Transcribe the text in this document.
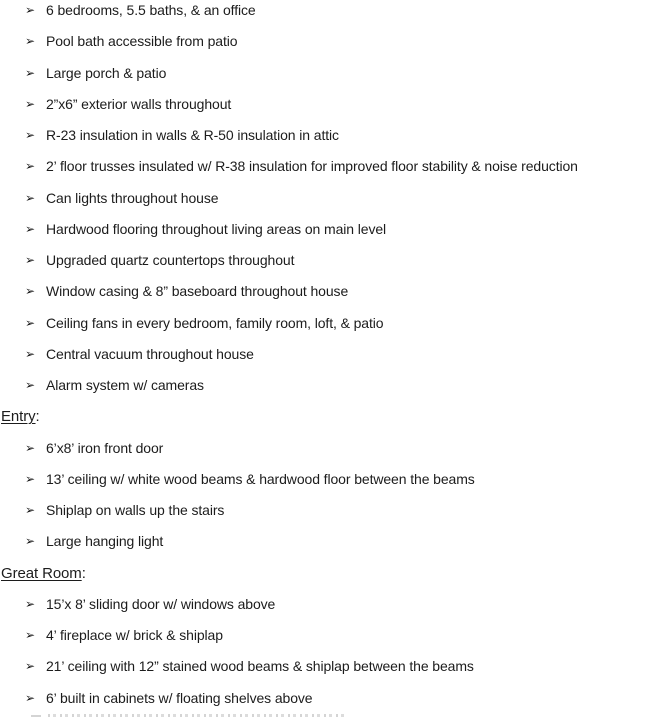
➢ 6 bedrooms, 5.5 baths, & an office
➢ Pool bath accessible from patio
➢ Large porch & patio
➢ 2”x6” exterior walls throughout
➢ R-23 insulation in walls & R-50 insulation in attic
➢ 2’ floor trusses insulated w/ R-38 insulation for improved floor stability & noise reduction
➢ Can lights throughout house
➢ Hardwood flooring throughout living areas on main level
➢ Upgraded quartz countertops throughout
➢ Window casing & 8” baseboard throughout house
➢ Ceiling fans in every bedroom, family room, loft, & patio
➢ Central vacuum throughout house
➢ Alarm system w/ cameras
Entry :
➢ 6’x8’ iron front door
➢ 13’ ceiling w/ white wood beams & hardwood floor between the beams
➢ Shiplap on walls up the stairs
➢ Large hanging light
Great Room :
➢ 15’x 8’ sliding door w/ windows above
➢ 4’ fireplace w/ brick & shiplap
➢ 21’ ceiling with 12” stained wood beams & shiplap between the beams
➢ 6’ built in cabinets w/ floating shelves above
